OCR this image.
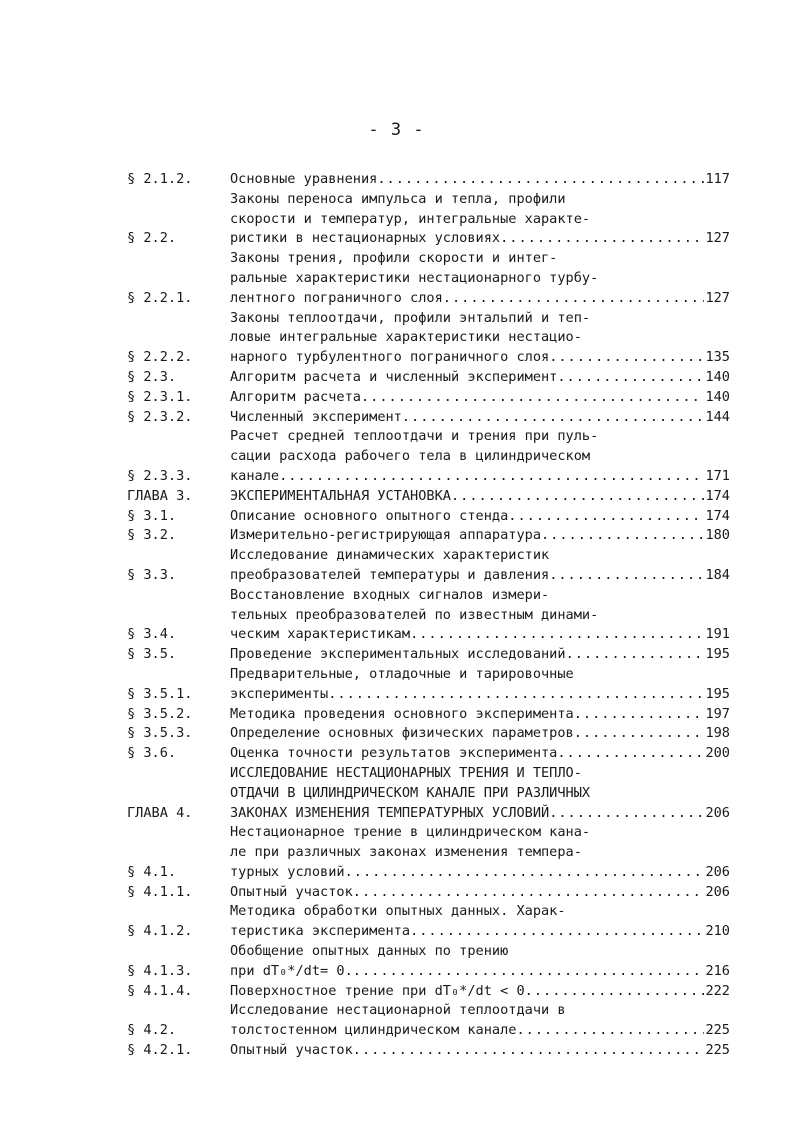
- 3 -
§ 2.1.2.	Основные уравнения .....	117
§ 2.2.
Законы переноса импульса и тепла, профили
скорости и температур, интегральные характе-
ристики в нестационарных условиях .....	127
§ 2.2.1.
Законы трения, профили скорости и интег-
ральные характеристики нестационарного турбу-
лентного пограничного слоя .....	127
§ 2.2.2.
Законы теплоотдачи, профили энтальпий и теп-
ловые интегральные характеристики нестацио-
нарного турбулентного пограничного слоя .....	135
§ 2.3.	Алгоритм расчета и численный эксперимент .....	140
§ 2.3.1.	Алгоритм расчета .....	140
§ 2.3.2.	Численный эксперимент .....	144
§ 2.3.3.
Расчет средней теплоотдачи и трения при пуль-
сации расхода рабочего тела в цилиндрическом
канале .....	171
ГЛАВА 3.	ЭКСПЕРИМЕНТАЛЬНАЯ УСТАНОВКА .....	174
§ 3.1.	Описание основного опытного стенда .....	174
§ 3.2.	Измерительно-регистрирующая аппаратура .....	180
§ 3.3.
Исследование динамических характеристик
преобразователей температуры и давления .....	184
§ 3.4.
Восстановление входных сигналов измери-
тельных преобразователей по известным динами-
ческим характеристикам .....	191
§ 3.5.	Проведение экспериментальных исследований .....	195
§ 3.5.1.
Предварительные, отладочные и тарировочные
эксперименты .....	195
§ 3.5.2.	Методика проведения основного эксперимента .....	197
§ 3.5.3.	Определение основных физических параметров .....	198
§ 3.6.	Оценка точности результатов эксперимента .....	200
ГЛАВА 4.
ИССЛЕДОВАНИЕ НЕСТАЦИОНАРНЫХ ТРЕНИЯ И ТЕПЛО-
ОТДАЧИ В ЦИЛИНДРИЧЕСКОМ КАНАЛЕ ПРИ РАЗЛИЧНЫХ
ЗАКОНАХ ИЗМЕНЕНИЯ ТЕМПЕРАТУРНЫХ УСЛОВИЙ .....	206
§ 4.1.
Нестационарное трение в цилиндрическом кана-
ле при различных законах изменения темпера-
турных условий .....	206
§ 4.1.1.	Опытный участок .....	206
§ 4.1.2.
Методика обработки опытных данных. Харак-
теристика эксперимента .....	210
§ 4.1.3.
Обобщение опытных данных по трению
при dT₀*/dt= 0. .....	216
§ 4.1.4.	Поверхностное трение при dT₀*/dt < 0 .....	222
§ 4.2.
Исследование нестационарной теплоотдачи в
толстостенном цилиндрическом канале .....	225
§ 4.2.1.	Опытный участок .....	225
